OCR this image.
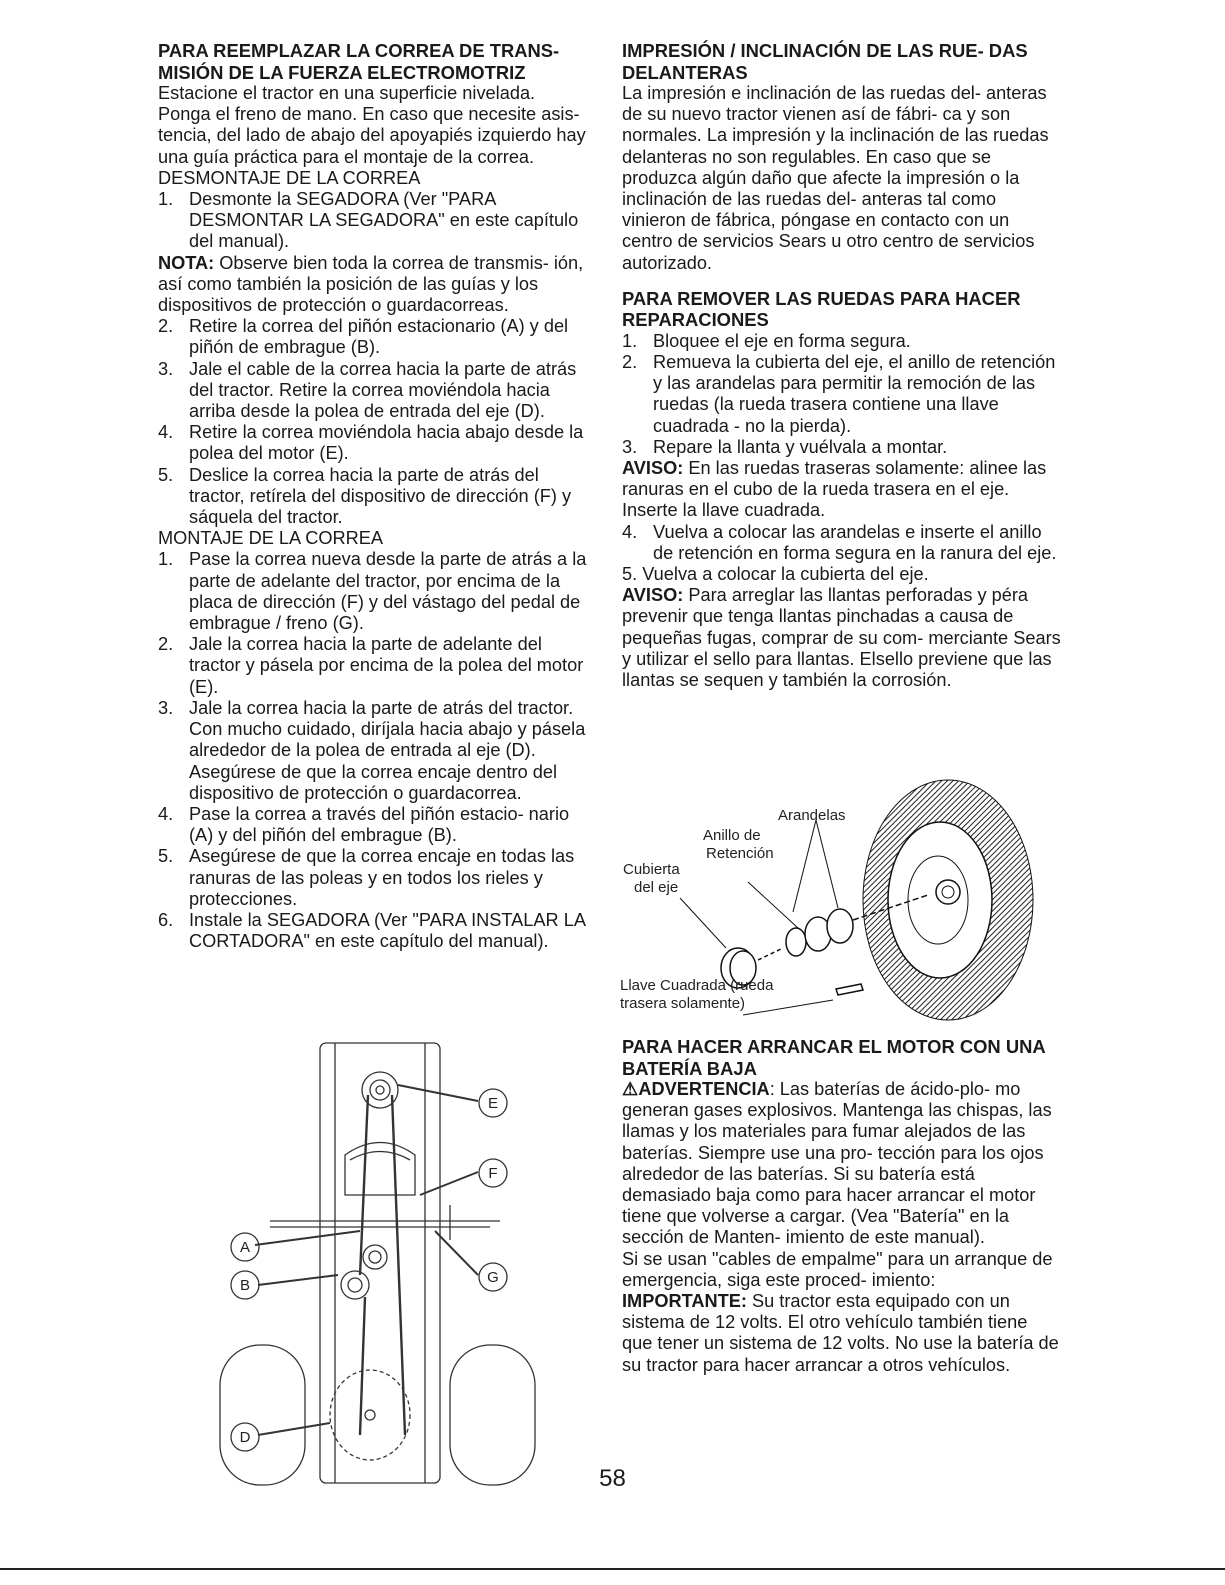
PARA REEMPLAZAR LA CORREA DE TRANS- MISIÓN DE LA FUERZA ELECTROMOTRIZ

Estacione el tractor en una superficie nivelada. Ponga el freno de mano. En caso que necesite asis- tencia, del lado de abajo del apoyapiés izquierdo hay una guía práctica para el montaje de la correa.

DESMONTAJE DE LA CORREA

1. Desmonte la SEGADORA (Ver "PARA DESMONTAR LA SEGADORA" en este capítulo del manual).

NOTA: Observe bien toda la correa de transmis- ión, así como también la posición de las guías y los dispositivos de protección o guardacorreas.

2. Retire la correa del piñón estacionario (A) y del piñón de embrague (B).
3. Jale el cable de la correa hacia la parte de atrás del tractor. Retire la correa moviéndola hacia arriba desde la polea de entrada del eje (D).
4. Retire la correa moviéndola hacia abajo desde la polea del motor (E).
5. Deslice la correa hacia la parte de atrás del tractor, retírela del dispositivo de dirección (F) y sáquela del tractor.

MONTAJE DE LA CORREA

1. Pase la correa nueva desde la parte de atrás a la parte de adelante del tractor, por encima de la placa de dirección (F) y del vástago del pedal de embrague / freno (G).
2. Jale la correa hacia la parte de adelante del tractor y pásela por encima de la polea del motor (E).
3. Jale la correa hacia la parte de atrás del tractor. Con mucho cuidado, diríjala hacia abajo y pásela alrededor de la polea de entrada al eje (D). Asegúrese de que la correa encaje dentro del dispositivo de protección o guardacorrea.
4. Pase la correa a través del piñón estacio- nario (A) y del piñón del embrague (B).
5. Asegúrese de que la correa encaje en todas las ranuras de las poleas y en todos los rieles y protecciones.
6. Instale la SEGADORA (Ver "PARA INSTALAR LA CORTADORA" en este capítulo del manual).
E
F
G
A
B
D
IMPRESIÓN / INCLINACIÓN DE LAS RUE- DAS DELANTERAS

La impresión e inclinación de las ruedas del- anteras de su nuevo tractor vienen así de fábri- ca y son normales. La impresión y la inclinación de las ruedas delanteras no son regulables. En caso que se produzca algún daño que afecte la impresión o la inclinación de las ruedas del- anteras tal como vinieron de fábrica, póngase en contacto con un centro de servicios Sears u otro centro de servicios autorizado.

PARA REMOVER LAS RUEDAS PARA HACER REPARACIONES
1. Bloquee el eje en forma segura.
2. Remueva la cubierta del eje, el anillo de retención y las arandelas para permitir la remoción de las ruedas (la rueda trasera contiene una llave cuadrada - no la pierda).
3. Repare la llanta y vuélvala a montar.

AVISO: En las ruedas traseras solamente: alinee las ranuras en el cubo de la rueda trasera en el eje. Inserte la llave cuadrada.

4. Vuelva a colocar las arandelas e inserte el anillo de retención en forma segura en la ranura del eje.

5. Vuelva a colocar la cubierta del eje.

AVISO: Para arreglar las llantas perforadas y péra prevenir que tenga llantas pinchadas a causa de pequeñas fugas, comprar de su com- merciante Sears y utilizar el sello para llantas. Elsello previene que las llantas se sequen y también la corrosión.

Arandelas
Anillo de
Retención
Cubierta
del eje
Llave Cuadrada (rueda
trasera solamente)
PARA HACER ARRANCAR EL MOTOR CON UNA BATERÍA BAJA

⚠ADVERTENCIA: Las baterías de ácido-plo- mo generan gases explosivos. Mantenga las chispas, las llamas y los materiales para fumar alejados de las baterías. Siempre use una pro- tección para los ojos alrededor de las baterías. Si su batería está demasiado baja como para hacer arrancar el motor tiene que volverse a cargar. (Vea "Batería" en la sección de Manten- imiento de este manual).

Si se usan "cables de empalme" para un arranque de emergencia, siga este proced- imiento:

IMPORTANTE: Su tractor esta equipado con un sistema de 12 volts. El otro vehículo también tiene que tener un sistema de 12 volts. No use la batería de su tractor para hacer arrancar a otros vehículos.

58
